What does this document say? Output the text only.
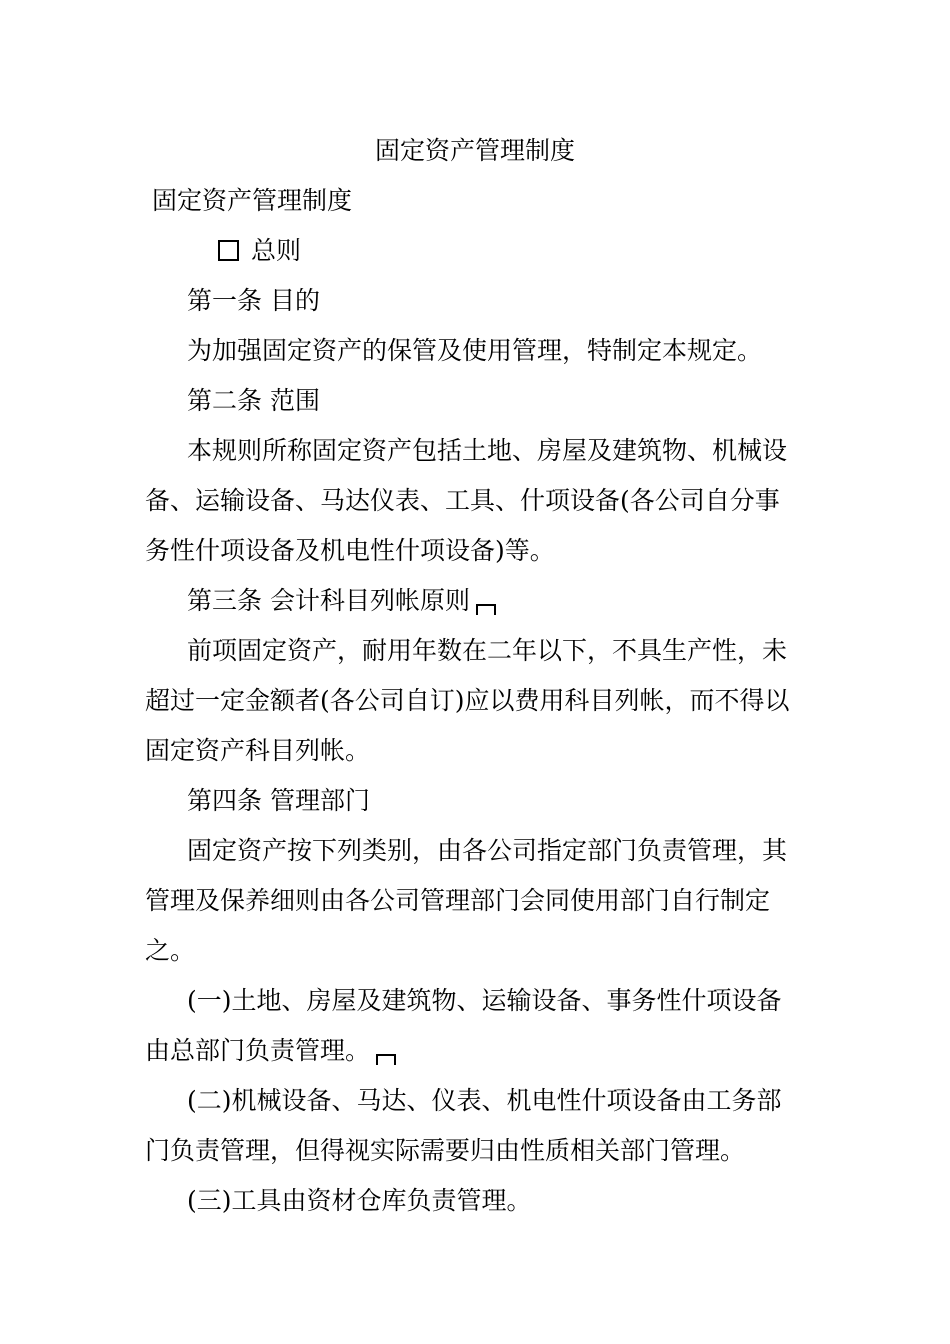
固定资产管理制度
固定资产管理制度
总则
第一条 目的
为加强固定资产的保管及使用管理，特制定本规定。
第二条 范围
本规则所称固定资产包括土地、房屋及建筑物、机械设
备、运输设备、马达仪表、工具、什项设备(各公司自分事
务性什项设备及机电性什项设备)等。
第三条 会计科目列帐原则
前项固定资产，耐用年数在二年以下，不具生产性，未
超过一定金额者(各公司自订)应以费用科目列帐，而不得以
固定资产科目列帐。
第四条 管理部门
固定资产按下列类别，由各公司指定部门负责管理，其
管理及保养细则由各公司管理部门会同使用部门自行制定
之。
(一)土地、房屋及建筑物、运输设备、事务性什项设备
由总部门负责管理。
(二)机械设备、马达、仪表、机电性什项设备由工务部
门负责管理，但得视实际需要归由性质相关部门管理。
(三)工具由资材仓库负责管理。
